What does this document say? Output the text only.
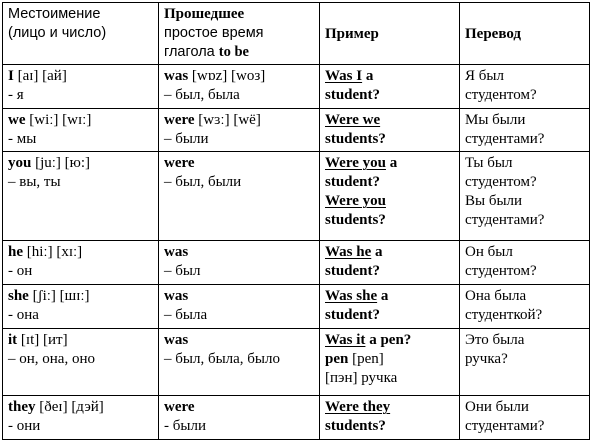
Местоимение
(лицо и число)	Прошедшее
простое время
глагола to be	Пример	Перевод

I [aɪ] [ай]
- я	was [wɒz] [woз]
– был, была	Was I a
student?	Я был
студентом?

we [wiː] [wɪː]
- мы	were [wɜː] [wё]
– были	Were we
students?	Мы были
студентами?

you [juː] [ю:]
– вы, ты	were
– был, были	Were you a
student?
Were you
students?	Ты был
студентом?
Вы были
студентами?

he [hiː] [хɪː]
- он	was
– был	Was he a
student?	Он был
студентом?

she [ʃiː] [шɪː]
- она	was
– была	Was she a
student?	Она была
студенткой?

it [ɪt] [ит]
– он, она, оно	was
– был, была, было	Was it a pen?
pen [pen]
[пэн] ручка	Это была
ручка?

they [ðeɪ] [дэй]
- они	were
- были	Were they
students?	Они были
студентами?
